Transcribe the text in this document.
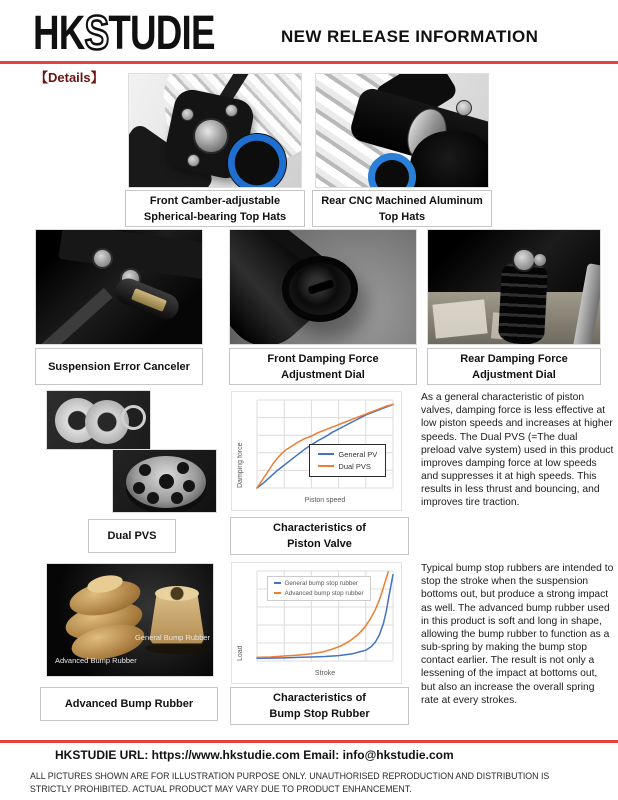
HKSTUDIE	NEW RELEASE INFORMATION
【Details】
Front Camber-adjustable
Spherical-bearing Top Hats
Rear CNC Machined Aluminum
Top Hats
Suspension Error Canceler
Front Damping Force
Adjustment Dial
Rear Damping Force
Adjustment Dial
Dual PVS
Damping force	General PV
Dual PVS
Piston speed
Characteristics of
Piston Valve
As a general characteristic of piston valves, damping force is less effective at low piston speeds and increases at higher speeds. The Dual PVS (=The dual preload valve system) used in this product improves damping force at low speeds and suppresses it at high speeds. This results in less thrust and bouncing, and improves tire traction.
General Bump Rubber
Advanced Bump Rubber
Advanced Bump Rubber
Load
General bump stop rubber
Advanced bump stop rubber
Stroke
Characteristics of
Bump Stop Rubber
Typical bump stop rubbers are intended to stop the stroke when the suspension bottoms out, but produce a strong impact as well. The advanced bump rubber used in this product is soft and long in shape, allowing the bump rubber to function as a sub-spring by making the bump stop contact earlier. The result is not only a lessening of the impact at bottoms out, but also an increase the overall spring rate at every strokes.
HKSTUDIE URL: https://www.hkstudie.com Email: info@hkstudie.com
ALL PICTURES SHOWN ARE FOR ILLUSTRATION PURPOSE ONLY. UNAUTHORISED REPRODUCTION AND DISTRIBUTION IS STRICTLY PROHIBITED. ACTUAL PRODUCT MAY VARY DUE TO PRODUCT ENHANCEMENT.
